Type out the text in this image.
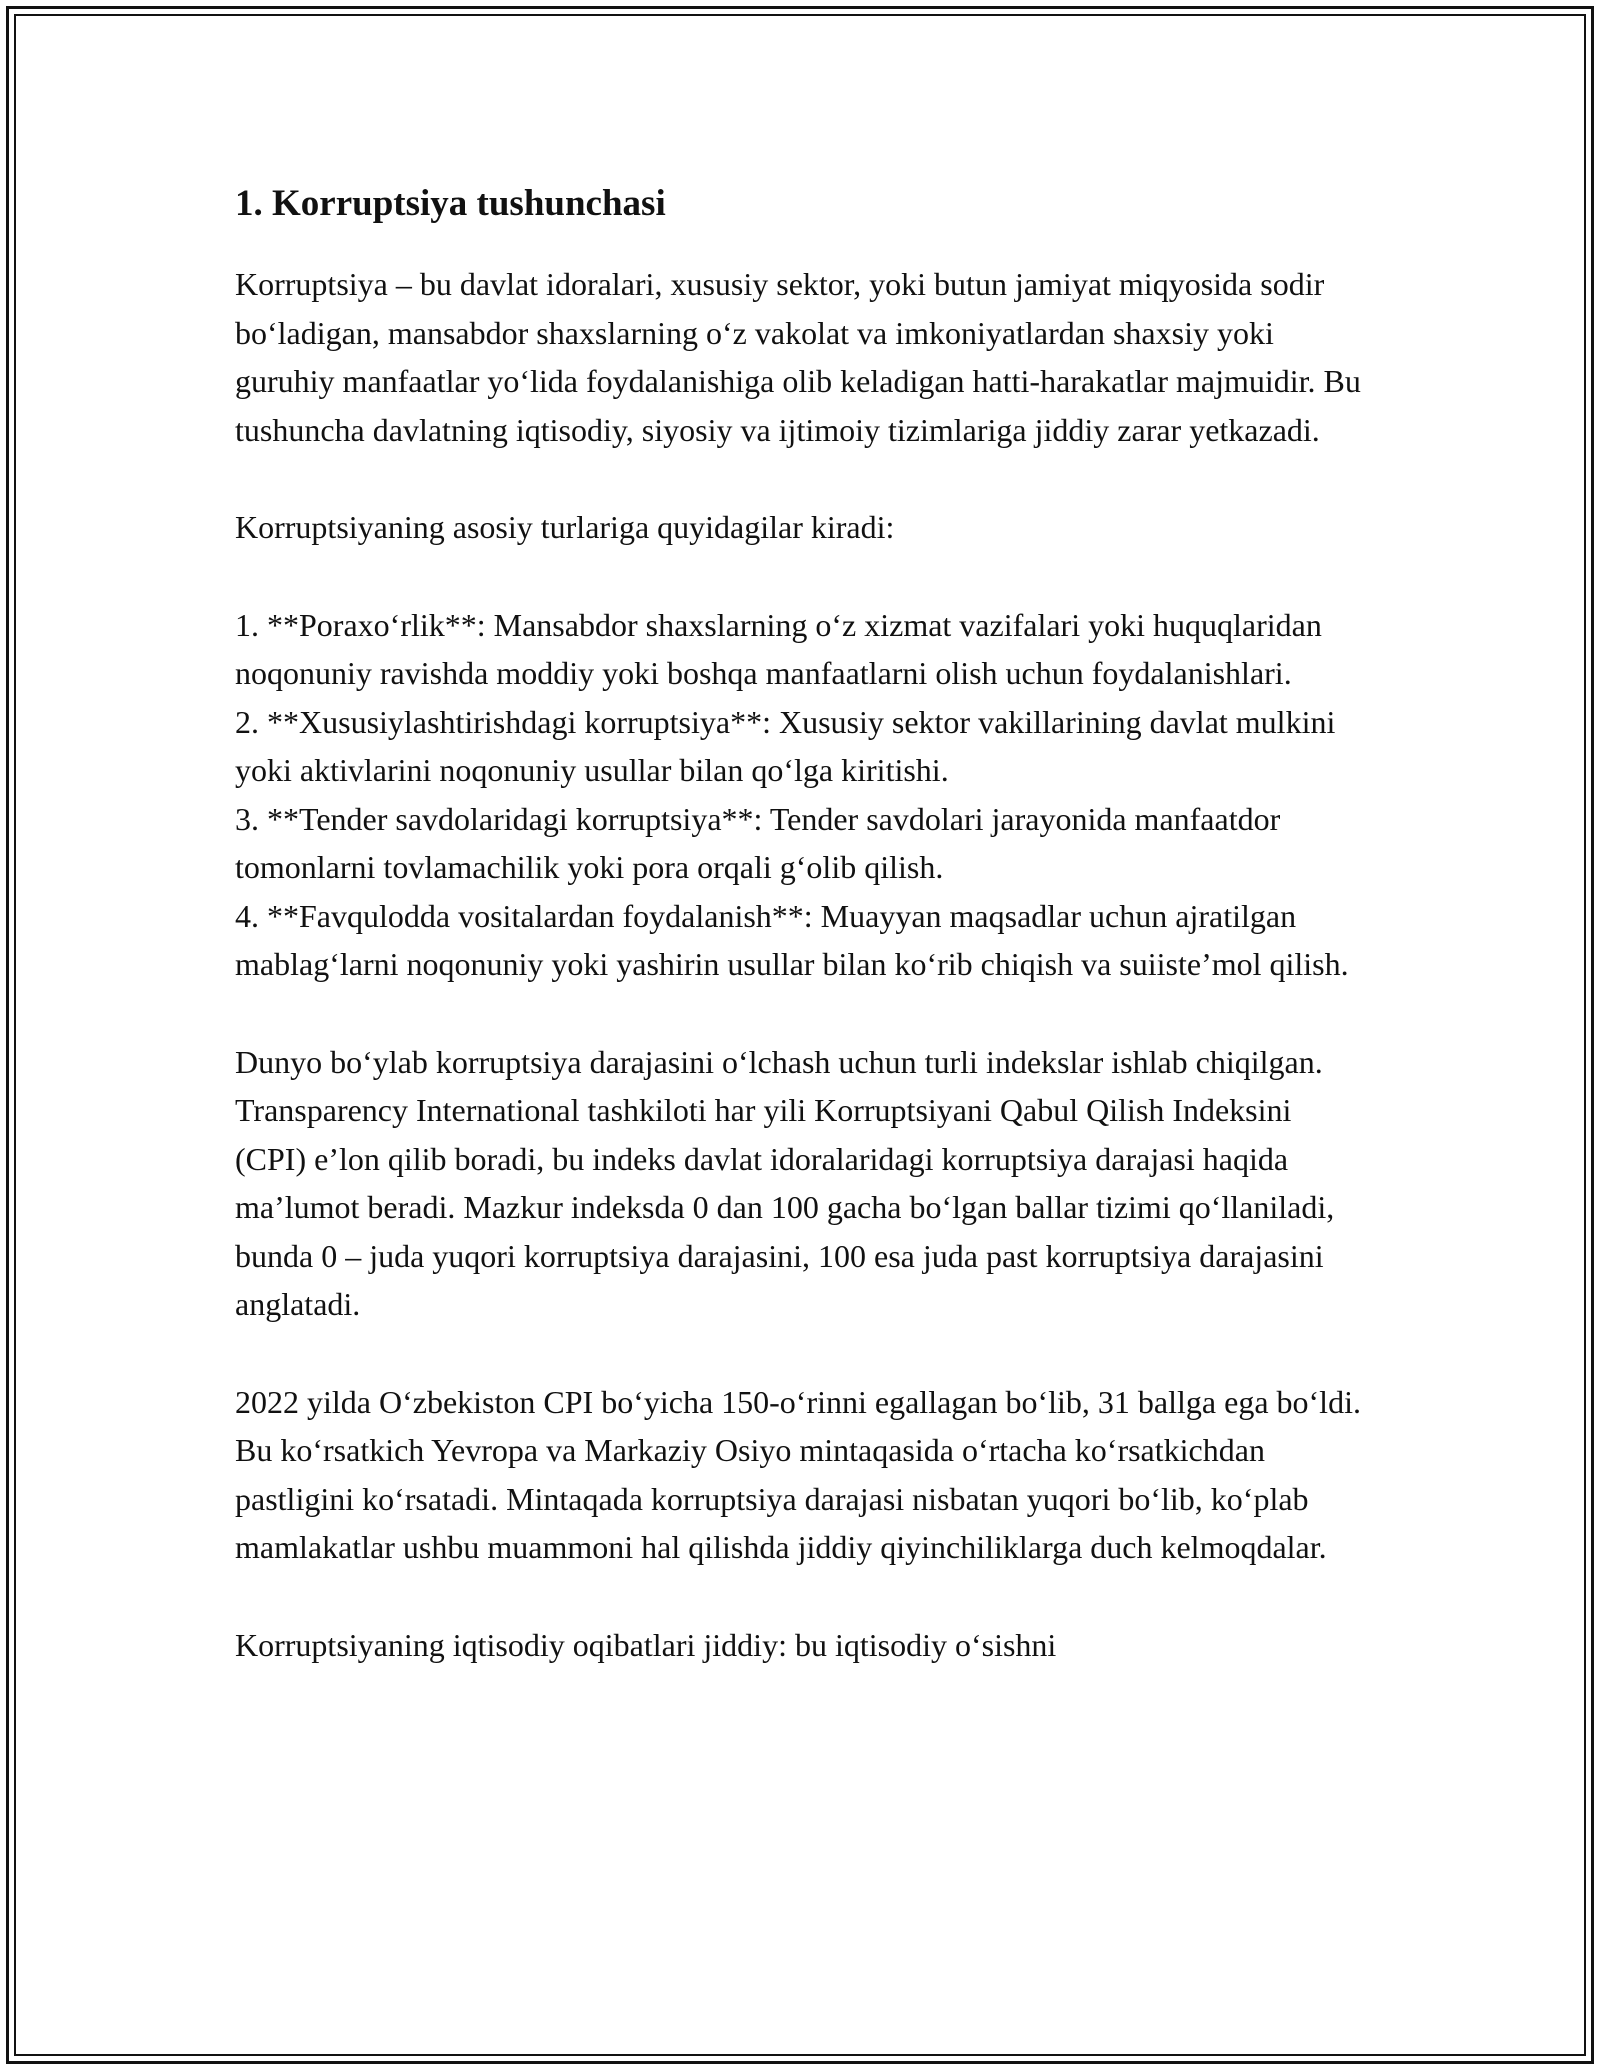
1. Korruptsiya tushunchasi

Korruptsiya – bu davlat idoralari, xususiy sektor, yoki butun jamiyat miqyosida sodir boʻladigan, mansabdor shaxslarning oʻz vakolat va imkoniyatlardan shaxsiy yoki guruhiy manfaatlar yoʻlida foydalanishiga olib keladigan hatti-harakatlar majmuidir. Bu tushuncha davlatning iqtisodiy, siyosiy va ijtimoiy tizimlariga jiddiy zarar yetkazadi.

Korruptsiyaning asosiy turlariga quyidagilar kiradi:

1. **Poraxoʻrlik**: Mansabdor shaxslarning oʻz xizmat vazifalari yoki huquqlaridan noqonuniy ravishda moddiy yoki boshqa manfaatlarni olish uchun foydalanishlari.
2. **Xususiylashtirishdagi korruptsiya**: Xususiy sektor vakillarining davlat mulkini yoki aktivlarini noqonuniy usullar bilan qoʻlga kiritishi.
3. **Tender savdolaridagi korruptsiya**: Tender savdolari jarayonida manfaatdor tomonlarni tovlamachilik yoki pora orqali gʻolib qilish.
4. **Favqulodda vositalardan foydalanish**: Muayyan maqsadlar uchun ajratilgan mablagʻlarni noqonuniy yoki yashirin usullar bilan koʻrib chiqish va suiisteʼmol qilish.

Dunyo boʻylab korruptsiya darajasini oʻlchash uchun turli indekslar ishlab chiqilgan. Transparency International tashkiloti har yili Korruptsiyani Qabul Qilish Indeksini (CPI) eʼlon qilib boradi, bu indeks davlat idoralaridagi korruptsiya darajasi haqida maʼlumot beradi. Mazkur indeksda 0 dan 100 gacha boʻlgan ballar tizimi qoʻllaniladi, bunda 0 – juda yuqori korruptsiya darajasini, 100 esa juda past korruptsiya darajasini anglatadi.

2022 yilda Oʻzbekiston CPI boʻyicha 150-oʻrinni egallagan boʻlib, 31 ballga ega boʻldi. Bu koʻrsatkich Yevropa va Markaziy Osiyo mintaqasida oʻrtacha koʻrsatkichdan pastligini koʻrsatadi. Mintaqada korruptsiya darajasi nisbatan yuqori boʻlib, koʻplab mamlakatlar ushbu muammoni hal qilishda jiddiy qiyinchiliklarga duch kelmoqdalar.

Korruptsiyaning iqtisodiy oqibatlari jiddiy: bu iqtisodiy oʻsishni
